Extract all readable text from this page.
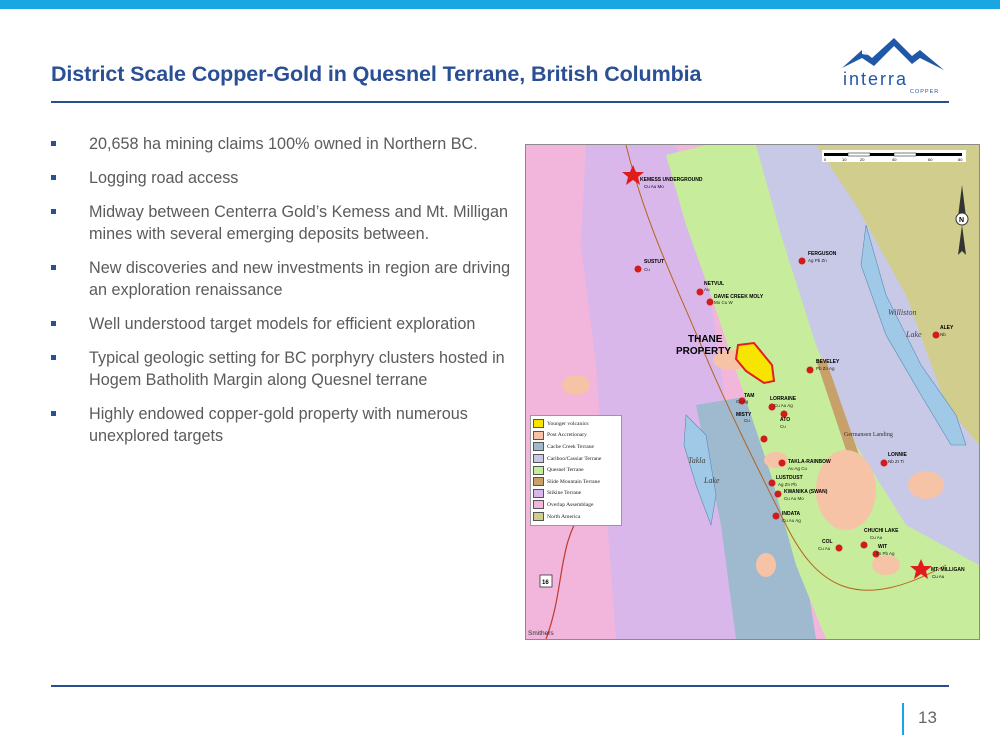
District Scale Copper-Gold in Quesnel Terrane, British Columbia	interra
COPPER
20,658 ha mining claims 100% owned in Northern BC.
Logging road access
Midway between Centerra Gold’s Kemess and Mt. Milligan mines with several emerging deposits between.
New discoveries and new investments in region are driving an exploration renaissance
Well understood target models for efficient exploration
Typical geologic setting for BC porphyry clusters hosted in Hogem Batholith Margin along Quesnel terrane
Highly endowed copper-gold property with numerous unexplored targets
0	10	20	40	60	80
N
Williston
Lake
Takla
Lake
Germansen Landing
Smithers
16
THANE
PROPERTY
KEMESS UNDERGROUND
Cu Au Mo
MT. MILLIGAN
Cu Au
SUSTUT
FERGUSON
NETVUL
DAVIE CREEK MOLY
ALEY
BEVELEY
TAM	LORRAINE
MISTY
ATO
TAKLA-RAINBOW
LONNIE
LUSTDUST
KWANIKA (SWAN)
INDATA
CHUCHI LAKE
COL
WIT
Cu
Ag Pb Zn
Au
Mo Cu W
Nb
Pb Zn Ag
Cu Ag
Cu Au Ag
Cu
Cu
Au Ag Cu
Nb Zr Ti
Ag Zn Pb
Cu Au Mo
Cu Au Ag
Cu Au
Cu Au
Zn Pb Ag
Younger volcanics
Post Accretionary
Cache Creek Terrane
Cariboo/Cassiar Terrane
Quesnel Terrane
Slide Mountain Terrane
Stikine Terrane
Overlap Assemblage
North America
13
